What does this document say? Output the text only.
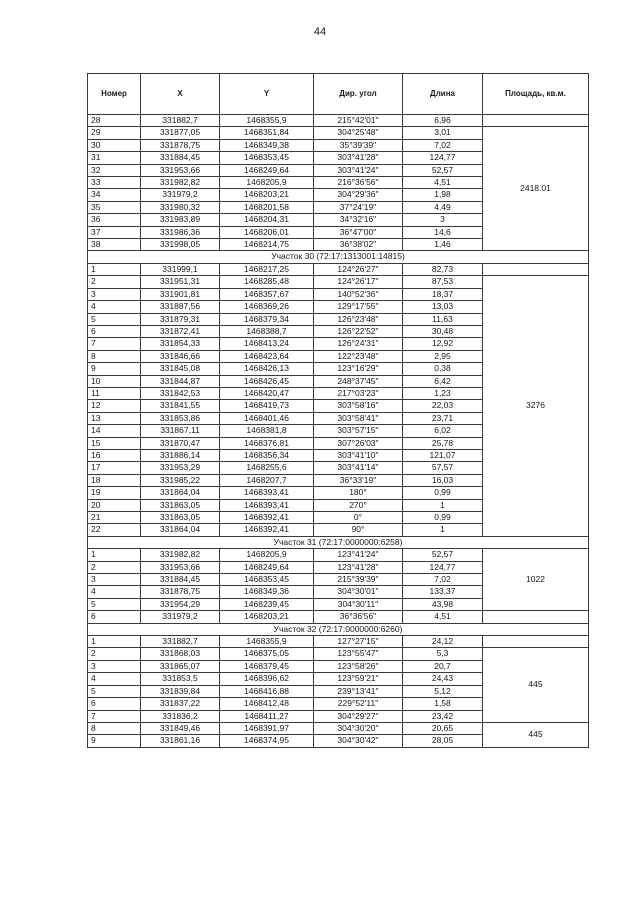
44
Номер	X	Y	Дир. угол	Длина	Площадь, кв.м.
28	331882,7	1468355,9	215°42'01"	6,96	
29	331877,05	1468351,84	304°25'48"	3,01	2418.01
30	331878,75	1468349,38	35°39'39"	7,02	
31	331884,45	1468353,45	303°41'28"	124,77	
32	331953,66	1468249,64	303°41'24"	52,57	
33	331982,82	1468205,9	216°36'56"	4,51	
34	331979,2	1468203,21	304°29'36"	1,98	
35	331980,32	1468201,58	37°24'19"	4,49	
36	331983,89	1468204,31	34°32'16"	3	
37	331986,36	1468206,01	36°47'00"	14,6	
38	331998,05	1468214,75	36°38'02"	1,46	
Участок 30 (72:17:1313001:14815)					
1	331999,1	1468217,25	124°26'27"	82,73	
2	331951,31	1468285,48	124°26'17"	87,53	3276
3	331901,81	1468357,67	140°52'36"	18,37	
4	331887,56	1468369,26	129°17'55"	13,03	
5	331879,31	1468379,34	126°23'48"	11,63	
6	331872,41	1468388,7	126°22'52"	30,48	
7	331854,33	1468413,24	126°24'31"	12,92	
8	331846,66	1468423,64	122°23'48"	2,95	
9	331845,08	1468426,13	123°16'29"	0,38	
10	331844,87	1468426,45	248°37'45"	6,42	
11	331842,53	1468420,47	217°03'23"	1,23	
12	331841,55	1468419,73	303°58'16"	22,03	
13	331853,86	1468401,46	303°58'41"	23,71	
14	331867,11	1468381,8	303°57'15"	6,02	
15	331870,47	1468376,81	307°26'03"	25,78	
16	331886,14	1468356,34	303°41'10"	121,07	
17	331953,29	1468255,6	303°41'14"	57,57	
18	331985,22	1468207,7	36°33'19"	16,03	
19	331864,04	1468393,41	180°	0,99	
20	331863,05	1468393,41	270°	1	
21	331863,05	1468392,41	0°	0,99	
22	331864,04	1468392,41	90°	1	
Участок 31 (72:17:0000000:6258)					
1	331982,82	1468205,9	123°41'24"	52,57	1022
2	331953,66	1468249,64	123°41'28"	124,77	
3	331884,45	1468353,45	215°39'39"	7,02	
4	331878,75	1468349,36	304°30'01"	133,37	
5	331954,29	1468239,45	304°30'11"	43,98	
6	331979,2	1468203,21	36°36'56"	4,51	
Участок 32 (72:17:0000000:6260)					
1	331882,7	1468355,9	127°27'15"	24,12	
2	331868,03	1468375,05	123°55'47"	5,3	445
3	331865,07	1468379,45	123°58'26"	20,7	
4	331853,5	1468396,62	123°59'21"	24,43	
5	331839,84	1468416,88	239°13'41"	5,12	
6	331837,22	1468412,48	229°52'11"	1,58	
7	331836,2	1468411,27	304°29'27"	23,42	
8	331849,46	1468391,97	304°30'20"	20,65	445
9	331861,16	1468374,95	304°30'42"	28,05	
